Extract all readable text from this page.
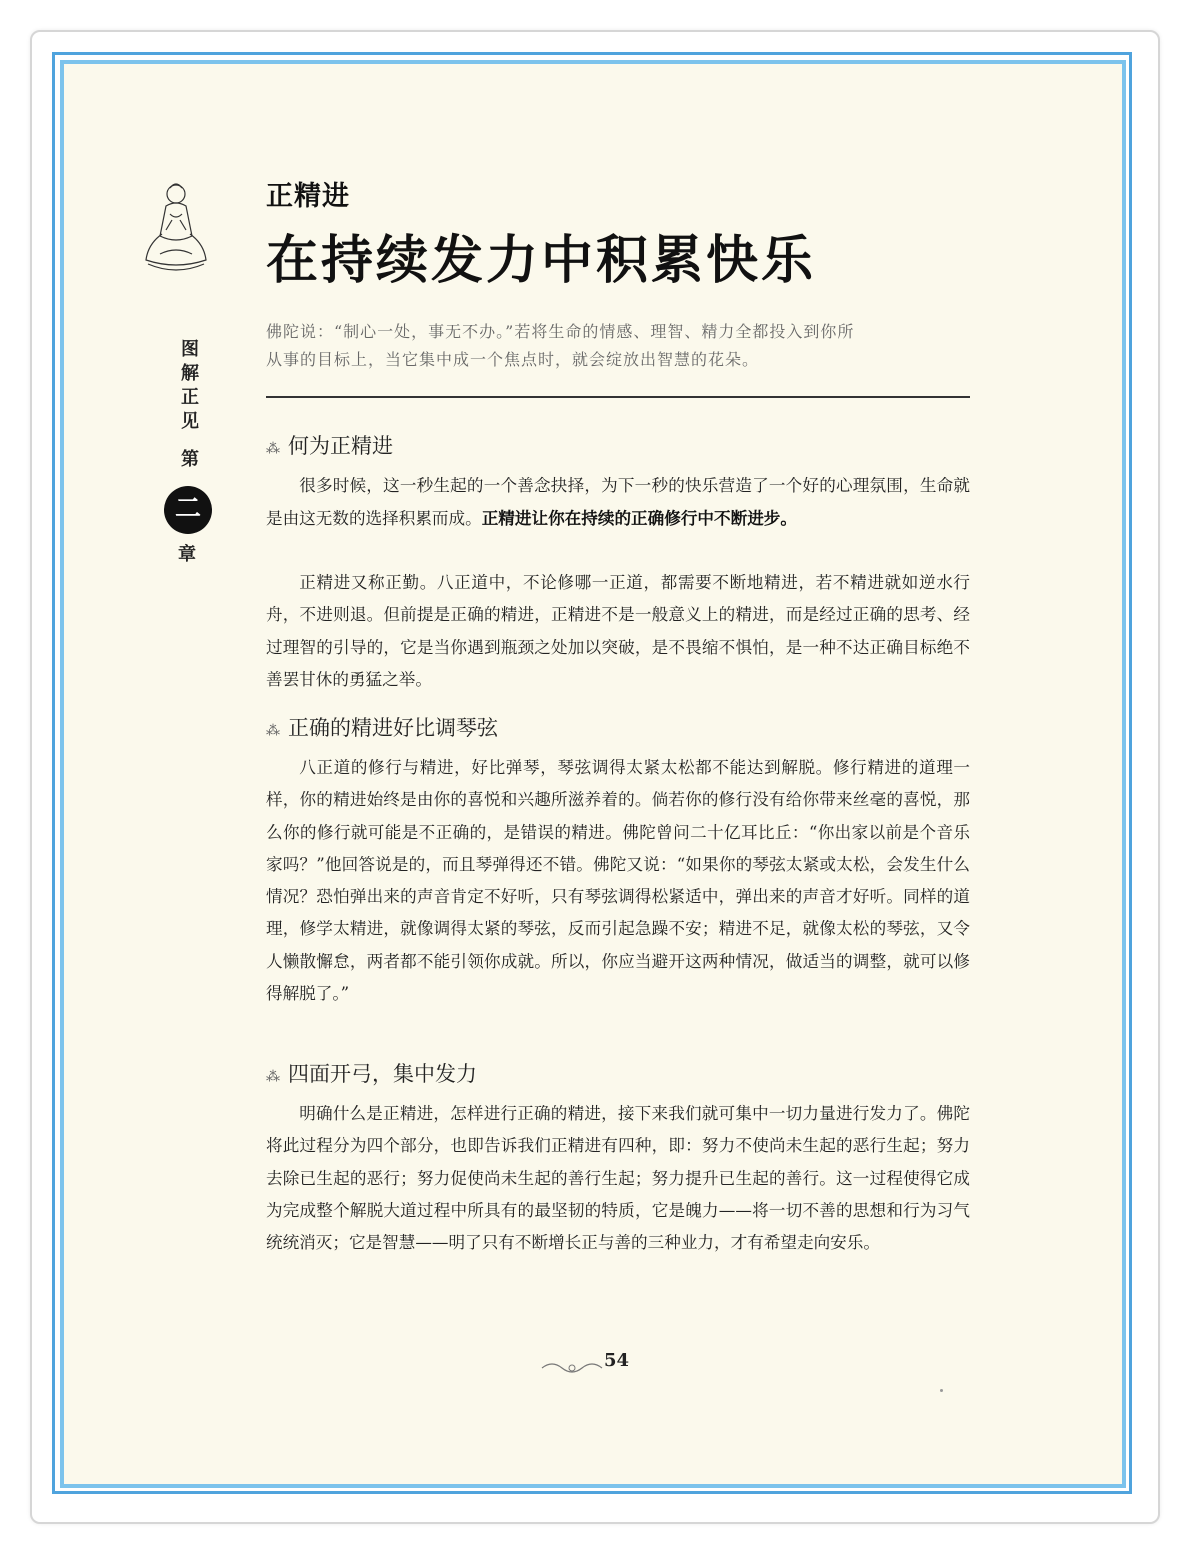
图
解
正
见
第
二
章
正精进
在持续发力中积累快乐
佛陀说：“制心一处，事无不办。”若将生命的情感、理智、精力全都投入到你所
从事的目标上，当它集中成一个焦点时，就会绽放出智慧的花朵。
⁂ 何为正精进
很多时候，这一秒生起的一个善念抉择，为下一秒的快乐营造了一个好的心理氛围，生命就是由这无数的选择积累而成。正精进让你在持续的正确修行中不断进步。
正精进又称正勤。八正道中，不论修哪一正道，都需要不断地精进，若不精进就如逆水行舟，不进则退。但前提是正确的精进，正精进不是一般意义上的精进，而是经过正确的思考、经过理智的引导的，它是当你遇到瓶颈之处加以突破，是不畏缩不惧怕，是一种不达正确目标绝不善罢甘休的勇猛之举。
⁂ 正确的精进好比调琴弦
八正道的修行与精进，好比弹琴，琴弦调得太紧太松都不能达到解脱。修行精进的道理一样，你的精进始终是由你的喜悦和兴趣所滋养着的。倘若你的修行没有给你带来丝毫的喜悦，那么你的修行就可能是不正确的，是错误的精进。佛陀曾问二十亿耳比丘：“你出家以前是个音乐家吗？”他回答说是的，而且琴弹得还不错。佛陀又说：“如果你的琴弦太紧或太松，会发生什么情况？恐怕弹出来的声音肯定不好听，只有琴弦调得松紧适中，弹出来的声音才好听。同样的道理，修学太精进，就像调得太紧的琴弦，反而引起急躁不安；精进不足，就像太松的琴弦，又令人懒散懈怠，两者都不能引领你成就。所以，你应当避开这两种情况，做适当的调整，就可以修得解脱了。”
⁂ 四面开弓，集中发力
明确什么是正精进，怎样进行正确的精进，接下来我们就可集中一切力量进行发力了。佛陀将此过程分为四个部分，也即告诉我们正精进有四种，即：努力不使尚未生起的恶行生起；努力去除已生起的恶行；努力促使尚未生起的善行生起；努力提升已生起的善行。这一过程使得它成为完成整个解脱大道过程中所具有的最坚韧的特质，它是魄力——将一切不善的思想和行为习气统统消灭；它是智慧——明了只有不断增长正与善的三种业力，才有希望走向安乐。
54
